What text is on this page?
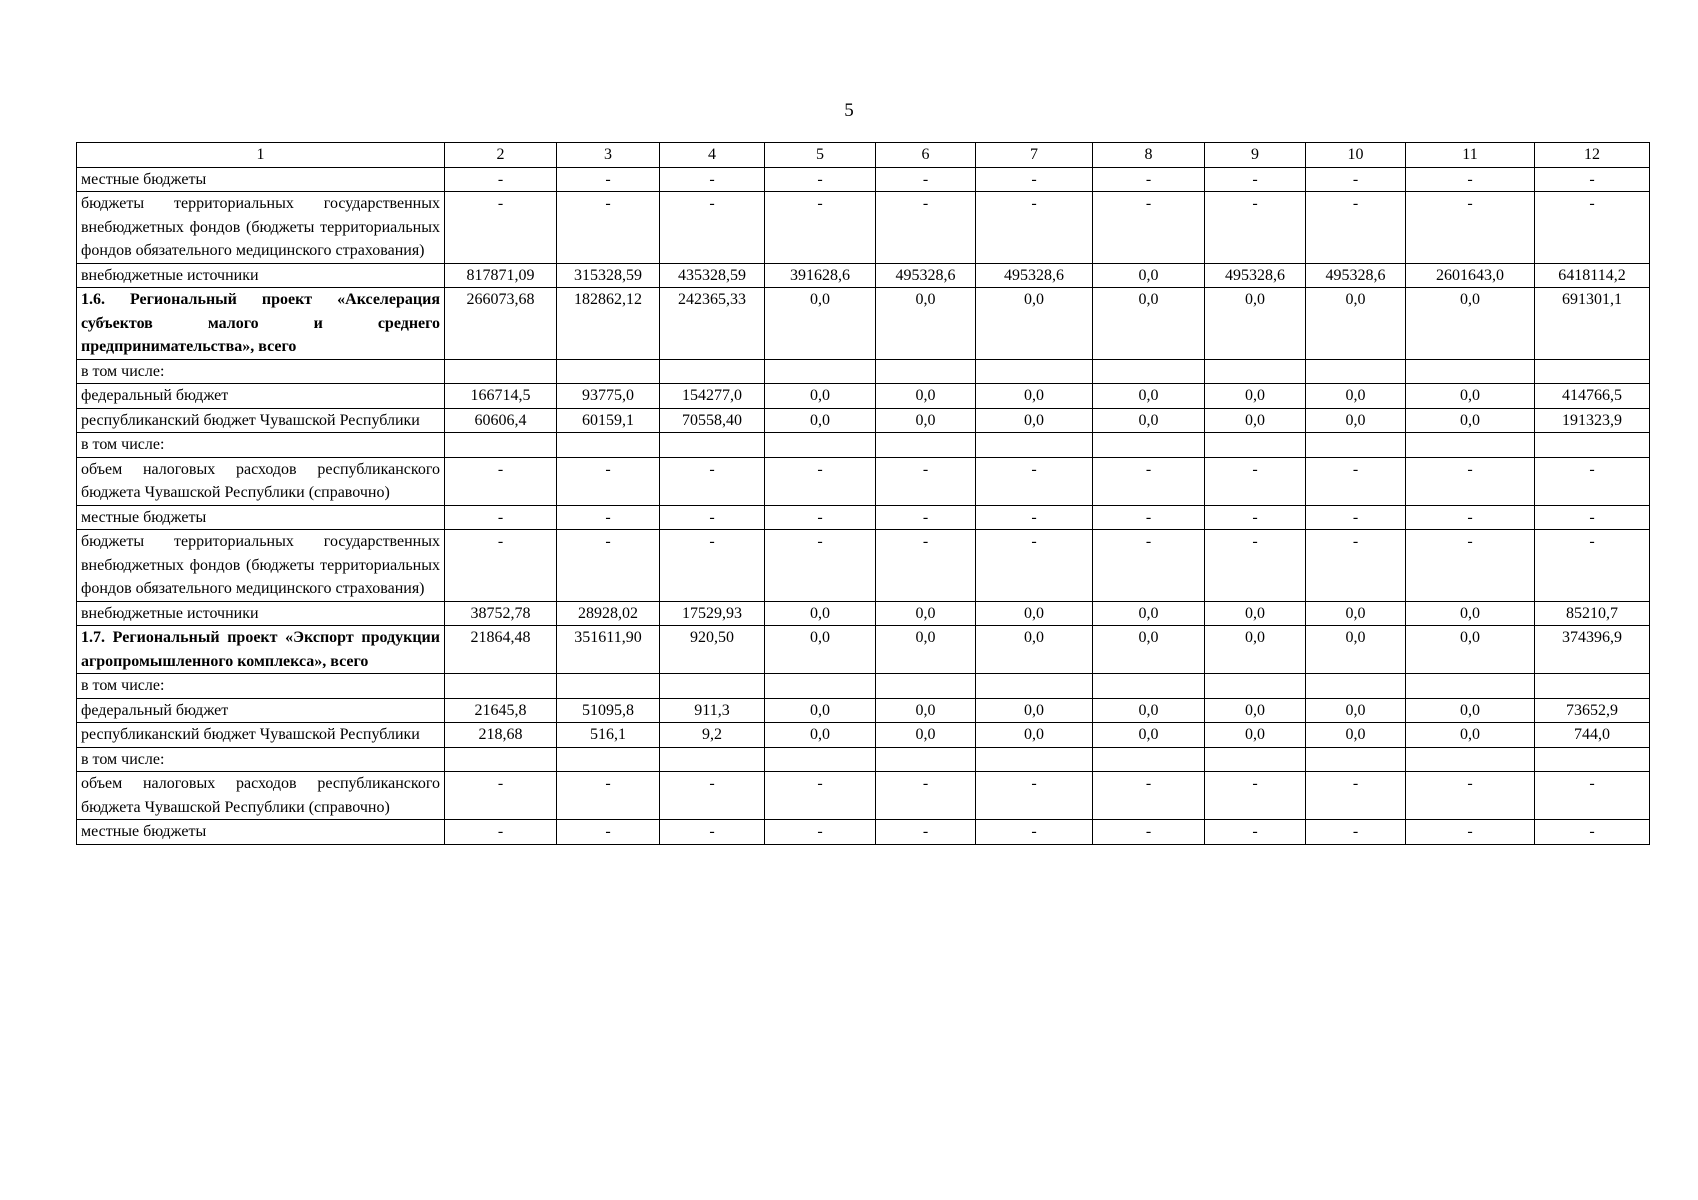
5
1	2	3	4	5	6	7	8	9	10	11	12
местные бюджеты	-	-	-	-	-	-	-	-	-	-	-
бюджеты территориальных государственных внебюджетных фондов (бюджеты территориальных фондов обязательного медицинского страхования)	-	-	-	-	-	-	-	-	-	-	-
внебюджетные источники	817871,09	315328,59	435328,59	391628,6	495328,6	495328,6	0,0	495328,6	495328,6	2601643,0	6418114,2
1.6. Региональный проект «Акселерация субъектов малого и среднего предпринимательства», всего	266073,68	182862,12	242365,33	0,0	0,0	0,0	0,0	0,0	0,0	0,0	691301,1
в том числе:											
федеральный бюджет	166714,5	93775,0	154277,0	0,0	0,0	0,0	0,0	0,0	0,0	0,0	414766,5
республиканский бюджет Чувашской Республики	60606,4	60159,1	70558,40	0,0	0,0	0,0	0,0	0,0	0,0	0,0	191323,9
в том числе:											
объем налоговых расходов республиканского бюджета Чувашской Республики (справочно)	-	-	-	-	-	-	-	-	-	-	-
местные бюджеты	-	-	-	-	-	-	-	-	-	-	-
бюджеты территориальных государственных внебюджетных фондов (бюджеты территориальных фондов обязательного медицинского страхования)	-	-	-	-	-	-	-	-	-	-	-
внебюджетные источники	38752,78	28928,02	17529,93	0,0	0,0	0,0	0,0	0,0	0,0	0,0	85210,7
1.7. Региональный проект «Экспорт продукции агропромышленного комплекса», всего	21864,48	351611,90	920,50	0,0	0,0	0,0	0,0	0,0	0,0	0,0	374396,9
в том числе:											
федеральный бюджет	21645,8	51095,8	911,3	0,0	0,0	0,0	0,0	0,0	0,0	0,0	73652,9
республиканский бюджет Чувашской Республики	218,68	516,1	9,2	0,0	0,0	0,0	0,0	0,0	0,0	0,0	744,0
в том числе:											
объем налоговых расходов республиканского бюджета Чувашской Республики (справочно)	-	-	-	-	-	-	-	-	-	-	-
местные бюджеты	-	-	-	-	-	-	-	-	-	-	-
